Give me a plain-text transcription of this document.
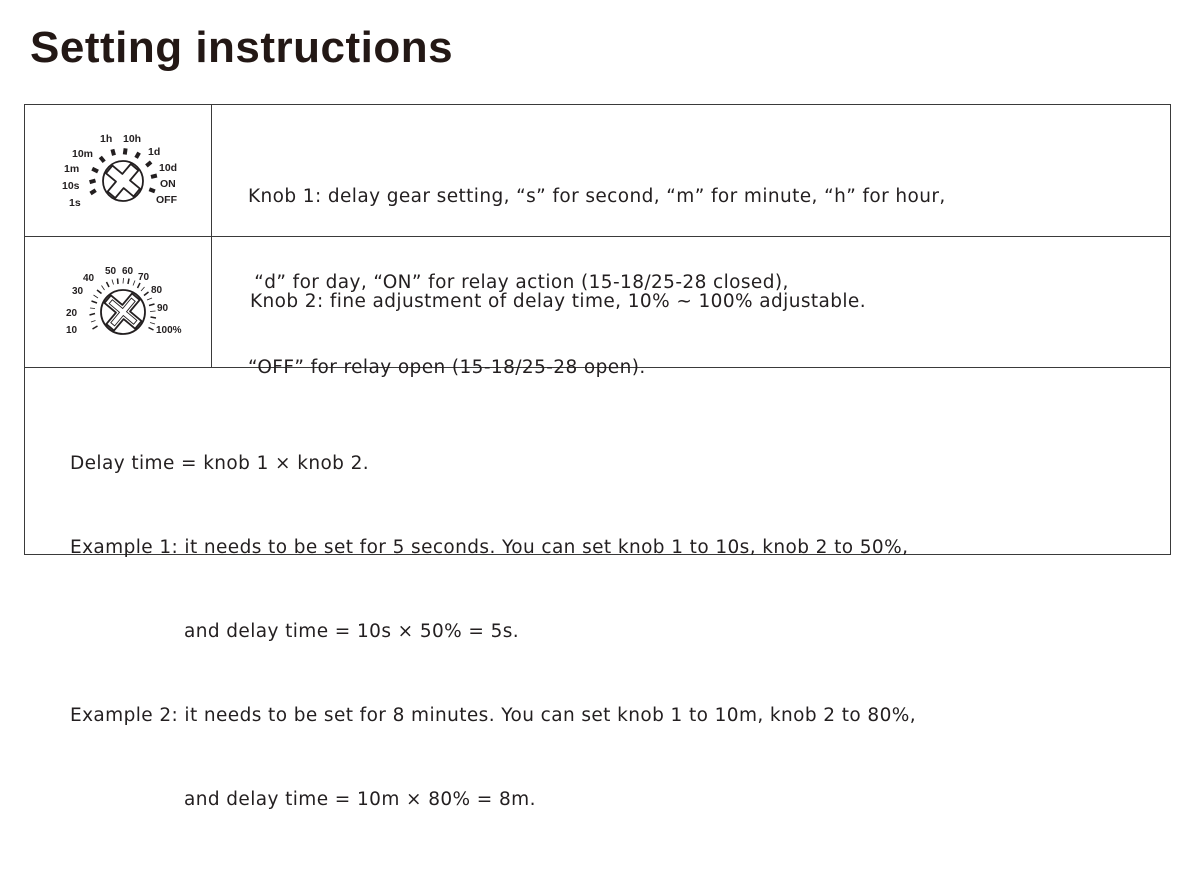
Setting instructions
1s
10s
1m
10m
1h 10h
1d
10d
ON
OFF

	Knob 1: delay gear setting, “s” for second, “m” for minute, “h” for hour,

“d” for day, “ON” for relay action (15-18/25-28 closed),

“OFF” for relay open (15-18/25-28 open).

10
20
30
40
50 60
70
80
90
100%
Knob 2: fine adjustment of delay time, 10% ~ 100% adjustable.

Delay time = knob 1 × knob 2.

Example 1: it needs to be set for 5 seconds. You can set knob 1 to 10s, knob 2 to 50%,

and delay time = 10s × 50% = 5s.

Example 2: it needs to be set for 8 minutes. You can set knob 1 to 10m, knob 2 to 80%,

and delay time = 10m × 80% = 8m.
